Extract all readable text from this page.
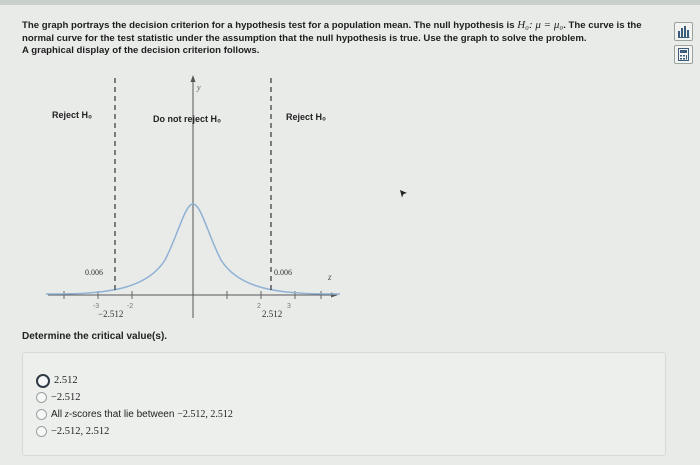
The graph portrays the decision criterion for a hypothesis test for a population mean. The null hypothesis is H₀: μ = μ₀. The curve is the normal curve for the test statistic under the assumption that the null hypothesis is true. Use the graph to solve the problem.
A graphical display of the decision criterion follows.
y
z
-3	-2	2	3
Reject H₀	Do not reject H₀	Reject H₀
0.006	0.006
−2.512	2.512
Determine the critical value(s).
2.512
−2.512
All z-scores that lie between −2.512, 2.512
−2.512, 2.512
